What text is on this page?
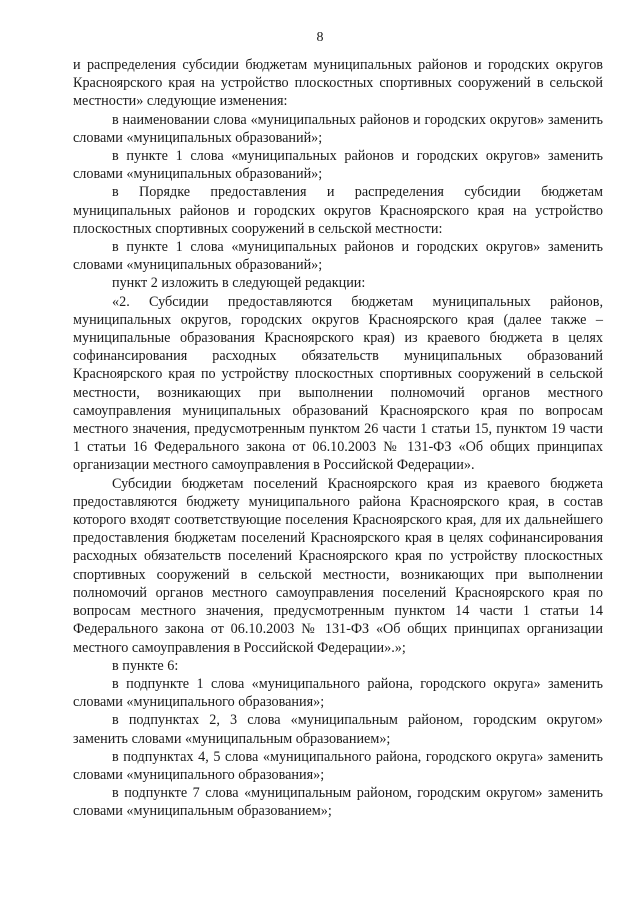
8

и распределения субсидии бюджетам муниципальных районов и городских округов Красноярского края на устройство плоскостных спортивных сооружений в сельской местности» следующие изменения:

в наименовании слова «муниципальных районов и городских округов» заменить словами «муниципальных образований»;

в пункте 1 слова «муниципальных районов и городских округов» заменить словами «муниципальных образований»;

в Порядке предоставления и распределения субсидии бюджетам муниципальных районов и городских округов Красноярского края на устройство плоскостных спортивных сооружений в сельской местности:

в пункте 1 слова «муниципальных районов и городских округов» заменить словами «муниципальных образований»;

пункт 2 изложить в следующей редакции:

«2. Субсидии предоставляются бюджетам муниципальных районов, муниципальных округов, городских округов Красноярского края (далее также – муниципальные образования Красноярского края) из краевого бюджета в целях софинансирования расходных обязательств муниципальных образований Красноярского края по устройству плоскостных спортивных сооружений в сельской местности, возникающих при выполнении полномочий органов местного самоуправления муниципальных образований Красноярского края по вопросам местного значения, предусмотренным пунктом 26 части 1 статьи 15, пунктом 19 части 1 статьи 16 Федерального закона от 06.10.2003 № 131-ФЗ «Об общих принципах организации местного самоуправления в Российской Федерации».

Субсидии бюджетам поселений Красноярского края из краевого бюджета предоставляются бюджету муниципального района Красноярского края, в состав которого входят соответствующие поселения Красноярского края, для их дальнейшего предоставления бюджетам поселений Красноярского края в целях софинансирования расходных обязательств поселений Красноярского края по устройству плоскостных спортивных сооружений в сельской местности, возникающих при выполнении полномочий органов местного самоуправления поселений Красноярского края по вопросам местного значения, предусмотренным пунктом 14 части 1 статьи 14 Федерального закона от 06.10.2003 № 131-ФЗ «Об общих принципах организации местного самоуправления в Российской Федерации».»;

в пункте 6:

в подпункте 1 слова «муниципального района, городского округа» заменить словами «муниципального образования»;

в подпунктах 2, 3 слова «муниципальным районом, городским округом» заменить словами «муниципальным образованием»;

в подпунктах 4, 5 слова «муниципального района, городского округа» заменить словами «муниципального образования»;

в подпункте 7 слова «муниципальным районом, городским округом» заменить словами «муниципальным образованием»;
